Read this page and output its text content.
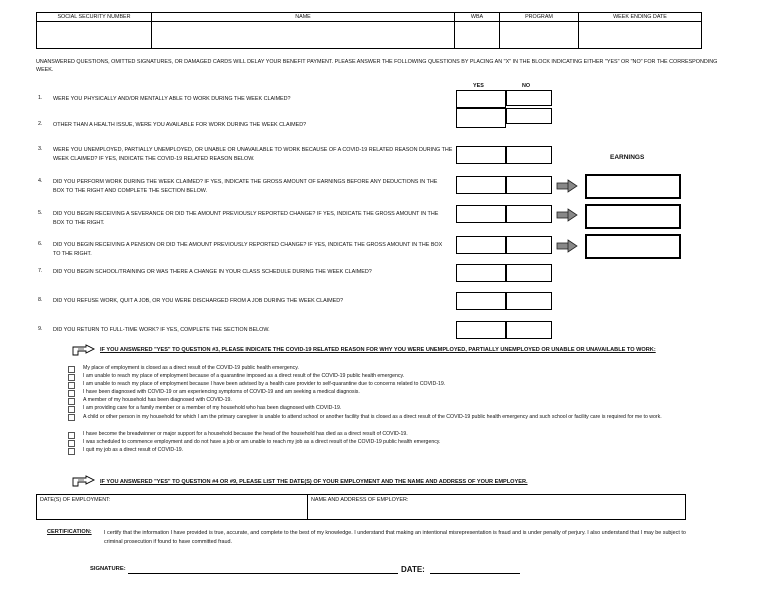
SOCIAL SECURITY NUMBER	NAME	WBA	PROGRAM	WEEK ENDING DATE

UNANSWERED QUESTIONS, OMITTED SIGNATURES, OR DAMAGED CARDS WILL DELAY YOUR BENEFIT PAYMENT. PLEASE ANSWER THE FOLLOWING QUESTIONS BY PLACING AN "X" IN THE BLOCK INDICATING EITHER "YES" OR "NO" FOR THE CORRESPONDING WEEK.
YES	NO
EARNINGS
1. WERE YOU PHYSICALLY AND/OR MENTALLY ABLE TO WORK DURING THE WEEK CLAIMED?
2. OTHER THAN A HEALTH ISSUE, WERE YOU AVAILABLE FOR WORK DURING THE WEEK CLAIMED?
3. WERE YOU UNEMPLOYED, PARTIALLY UNEMPLOYED, OR UNABLE OR UNAVAILABLE TO WORK BECAUSE OF A COVID-19 RELATED REASON DURING THE WEEK CLAIMED? IF YES, INDICATE THE COVID-19 RELATED REASON BELOW.
4. DID YOU PERFORM WORK DURING THE WEEK CLAIMED? IF YES, INDICATE THE GROSS AMOUNT OF EARNINGS BEFORE ANY DEDUCTIONS IN THE BOX TO THE RIGHT AND COMPLETE THE SECTION BELOW.
5. DID YOU BEGIN RECEIVING A SEVERANCE OR DID THE AMOUNT PREVIOUSLY REPORTED CHANGE? IF YES, INDICATE THE GROSS AMOUNT IN THE BOX TO THE RIGHT.
6. DID YOU BEGIN RECEIVING A PENSION OR DID THE AMOUNT PREVIOUSLY REPORTED CHANGE? IF YES, INDICATE THE GROSS AMOUNT IN THE BOX TO THE RIGHT.
7. DID YOU BEGIN SCHOOL/TRAINING OR WAS THERE A CHANGE IN YOUR CLASS SCHEDULE DURING THE WEEK CLAIMED?
8. DID YOU REFUSE WORK, QUIT A JOB, OR YOU WERE DISCHARGED FROM A JOB DURING THE WEEK CLAIMED?
9. DID YOU RETURN TO FULL-TIME WORK? IF YES, COMPLETE THE SECTION BELOW.
IF YOU ANSWERED "YES" TO QUESTION #3, PLEASE INDICATE THE COVID-19 RELATED REASON FOR WHY YOU WERE UNEMPLOYED, PARTIALLY UNEMPLOYED OR UNABLE OR UNAVAILABLE TO WORK:
My place of employment is closed as a direct result of the COVID-19 public health emergency.
I am unable to reach my place of employment because of a quarantine imposed as a direct result of the COVID-19 public health emergency.
I am unable to reach my place of employment because I have been advised by a health care provider to self-quarantine due to concerns related to COVID-19.
I have been diagnosed with COVID-19 or am experiencing symptoms of COVID-19 and am seeking a medical diagnosis.
A member of my household has been diagnosed with COVID-19.
I am providing care for a family member or a member of my household who has been diagnosed with COVID-19.
A child or other person in my household for which I am the primary caregiver is unable to attend school or another facility that is closed as a direct result of the COVID-19 public health emergency and such school or facility care is required for me to work.
I have become the breadwinner or major support for a household because the head of the household has died as a direct result of COVID-19.
I was scheduled to commence employment and do not have a job or am unable to reach my job as a direct result of the COVID-19 public health emergency.
I quit my job as a direct result of COVID-19.
IF YOU ANSWERED "YES" TO QUESTION #4 OR #9, PLEASE LIST THE DATE(S) OF YOUR EMPLOYMENT AND THE NAME AND ADDRESS OF YOUR EMPLOYER.
DATE(S) OF EMPLOYMENT:	NAME AND ADDRESS OF EMPLOYER:
CERTIFICATION: I certify that the information I have provided is true, accurate, and complete to the best of my knowledge. I understand that making an intentional misrepresentation is fraud and is under penalty of perjury. I also understand that I may be subject to criminal prosecution if found to have committed fraud.
SIGNATURE:	DATE:
